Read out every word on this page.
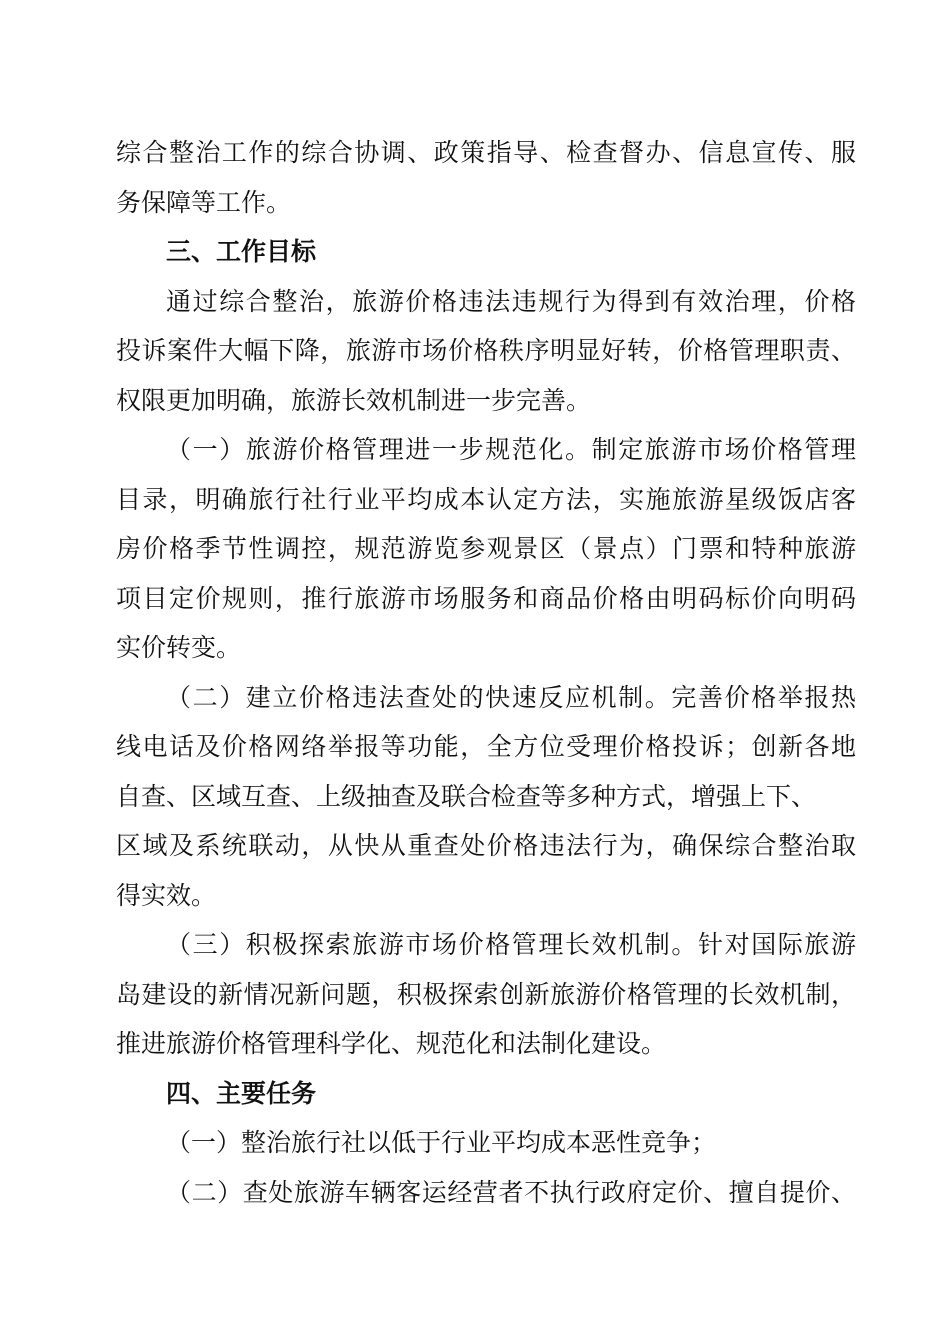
综合整治工作的综合协调、政策指导、检查督办、信息宣传、服
务保障等工作。
三、工作目标
通过综合整治，旅游价格违法违规行为得到有效治理，价格
投诉案件大幅下降，旅游市场价格秩序明显好转，价格管理职责、
权限更加明确，旅游长效机制进一步完善。
（一）旅游价格管理进一步规范化。制定旅游市场价格管理
目录，明确旅行社行业平均成本认定方法，实施旅游星级饭店客
房价格季节性调控，规范游览参观景区（景点）门票和特种旅游
项目定价规则，推行旅游市场服务和商品价格由明码标价向明码
实价转变。
（二）建立价格违法查处的快速反应机制。完善价格举报热
线电话及价格网络举报等功能，全方位受理价格投诉；创新各地
自查、区域互查、上级抽查及联合检查等多种方式，增强上下、
区域及系统联动，从快从重查处价格违法行为，确保综合整治取
得实效。
（三）积极探索旅游市场价格管理长效机制。针对国际旅游
岛建设的新情况新问题，积极探索创新旅游价格管理的长效机制，
推进旅游价格管理科学化、规范化和法制化建设。
四、主要任务
（一）整治旅行社以低于行业平均成本恶性竞争；
（二）查处旅游车辆客运经营者不执行政府定价、擅自提价、
